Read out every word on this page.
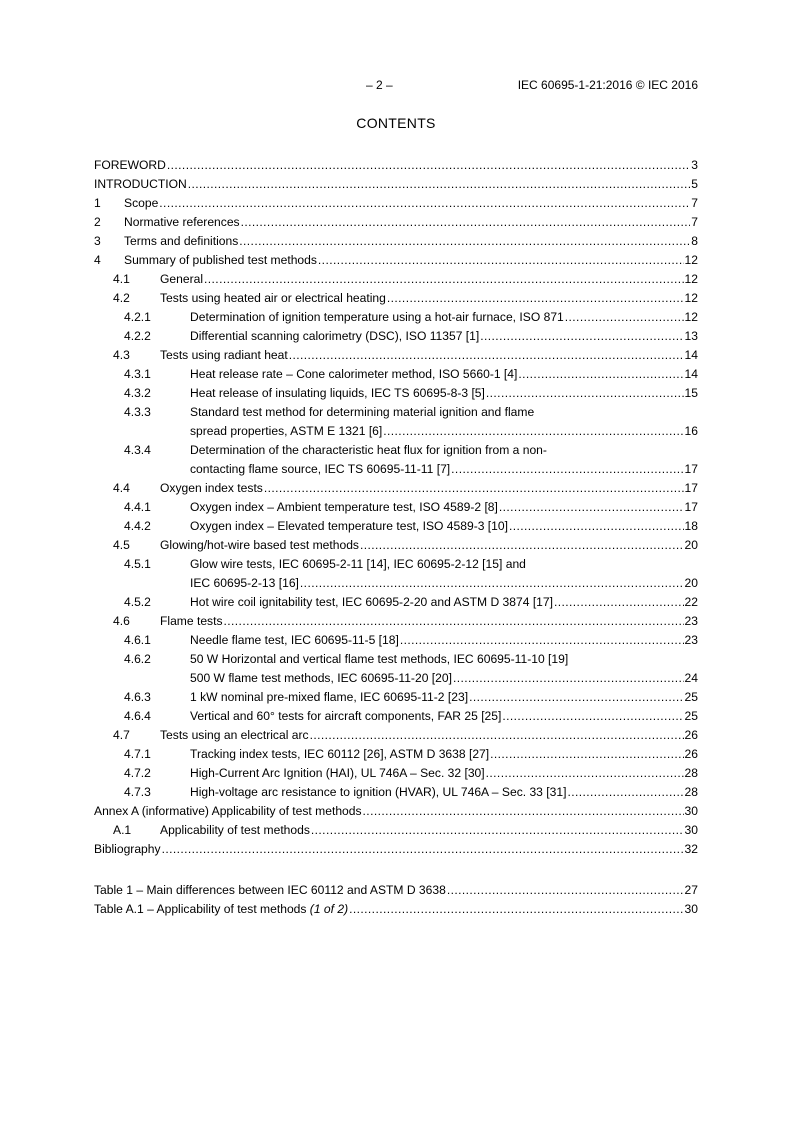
– 2 –	IEC 60695-1-21:2016 © IEC 2016
CONTENTS
FOREWORD .....	3
INTRODUCTION .....	5
1 Scope .....	7
2 Normative references .....	7
3 Terms and definitions .....	8
4 Summary of published test methods .....	12
4.1 General .....	12
4.2 Tests using heated air or electrical heating .....	12
4.2.1	Determination of ignition temperature using a hot-air furnace, ISO 871 .....	12
4.2.2	Differential scanning calorimetry (DSC), ISO 11357 [1] .....	13
4.3 Tests using radiant heat .....	14
4.3.1	Heat release rate – Cone calorimeter method, ISO 5660-1 [4] .....	14
4.3.2	Heat release of insulating liquids, IEC TS 60695-8-3 [5] .....	15
4.3.3	Standard test method for determining material ignition and flame
spread properties, ASTM E 1321 [6] .....	16
4.3.4	Determination of the characteristic heat flux for ignition from a non-
contacting flame source, IEC TS 60695-11-11 [7] .....	17
4.4 Oxygen index tests .....	17
4.4.1	Oxygen index – Ambient temperature test, ISO 4589-2 [8] .....	17
4.4.2	Oxygen index – Elevated temperature test, ISO 4589-3 [10] .....	18
4.5 Glowing/hot-wire based test methods .....	20
4.5.1	Glow wire tests, IEC 60695-2-11 [14], IEC 60695-2-12 [15] and
IEC 60695-2-13 [16] .....	20
4.5.2	Hot wire coil ignitability test, IEC 60695-2-20 and ASTM D 3874 [17] .....	22
4.6 Flame tests .....	23
4.6.1	Needle flame test, IEC 60695-11-5 [18] .....	23
4.6.2	50 W Horizontal and vertical flame test methods, IEC 60695-11-10 [19]
500 W flame test methods, IEC 60695-11-20 [20] .....	24
4.6.3	1 kW nominal pre-mixed flame, IEC 60695-11-2 [23] .....	25
4.6.4	Vertical and 60° tests for aircraft components, FAR 25 [25] .....	25
4.7 Tests using an electrical arc .....	26
4.7.1	Tracking index tests, IEC 60112 [26], ASTM D 3638 [27] .....	26
4.7.2	High-Current Arc Ignition (HAI), UL 746A – Sec. 32 [30] .....	28
4.7.3	High-voltage arc resistance to ignition (HVAR), UL 746A – Sec. 33 [31] .....	28
Annex A (informative) Applicability of test methods .....	30
A.1 Applicability of test methods .....	30
Bibliography .....	32
Table 1 – Main differences between IEC 60112 and ASTM D 3638 .....	27
Table A.1 – Applicability of test methods (1 of 2) .....	30
